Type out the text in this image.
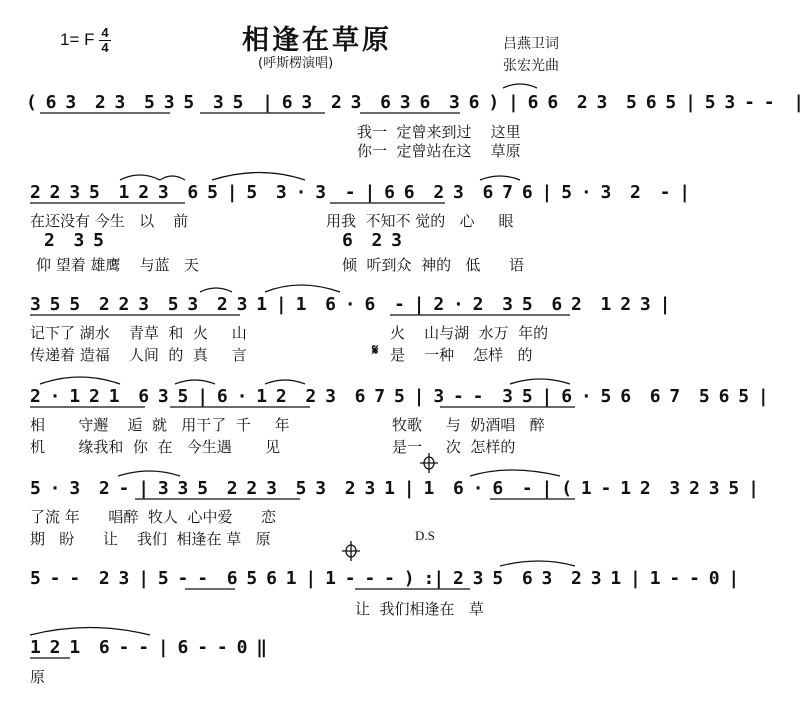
相逢在草原
(呼斯楞演唱)
1= F 4
4	吕燕卫词
张宏光曲
( 6 3  2 3  5 3 5  3 5  | 6 3  2 3  6 3 6  3 6 ) | 6 6  2 3  5 6 5 | 5 3 - -  |
我一  定曾来到过    这里
你一  定曾站在这    草原
2 2 3 5  1 2 3  6 5 | 5  3 · 3  - | 6 6  2 3  6 7 6 | 5 · 3  2  - |
在还没有 今生   以    前	用我  不知不 觉的   心     眼
2  3 5	6  2 3
仰 望着 雄鹰    与蓝   天	倾  听到众  神的   低      语
3 5 5  2 2 3  5 3  2 3 1 | 1  6 · 6  - | 2 · 2  3 5  6 2  1 2 3 |
记下了 湖水    青草  和  火     山	火    山与湖  水万  年的
传递着 造福    人间  的  真     言	𝄋 是    一种    怎样   的
2 · 1 2 1  6 3 5 | 6 · 1 2  2 3  6 7 5 | 3 - -  3 5 | 6 · 5 6  6 7  5 6 5 |
相       守邂    逅  就   用干了  千     年	牧歌     与  奶酒唱   醉
机       缘我和  你  在   今生遇       见	是一     次  怎样的
5 · 3  2 - | 3 3 5  2 2 3  5 3  2 3 1 | 1  6 · 6  - | ( 1 - 1 2  3 2 3 5 |
了流 年      唱醉  牧人  心中爱      恋
期   盼      让    我们  相逢在 草   原	D.S
5 - -  2 3 | 5 - -  6 5 6 1 | 1 - - - ) :| 2 3 5  6 3  2 3 1 | 1 - - 0 |
让  我们相逢在   草
1 2 1  6 - - | 6 - - 0 ‖
原
